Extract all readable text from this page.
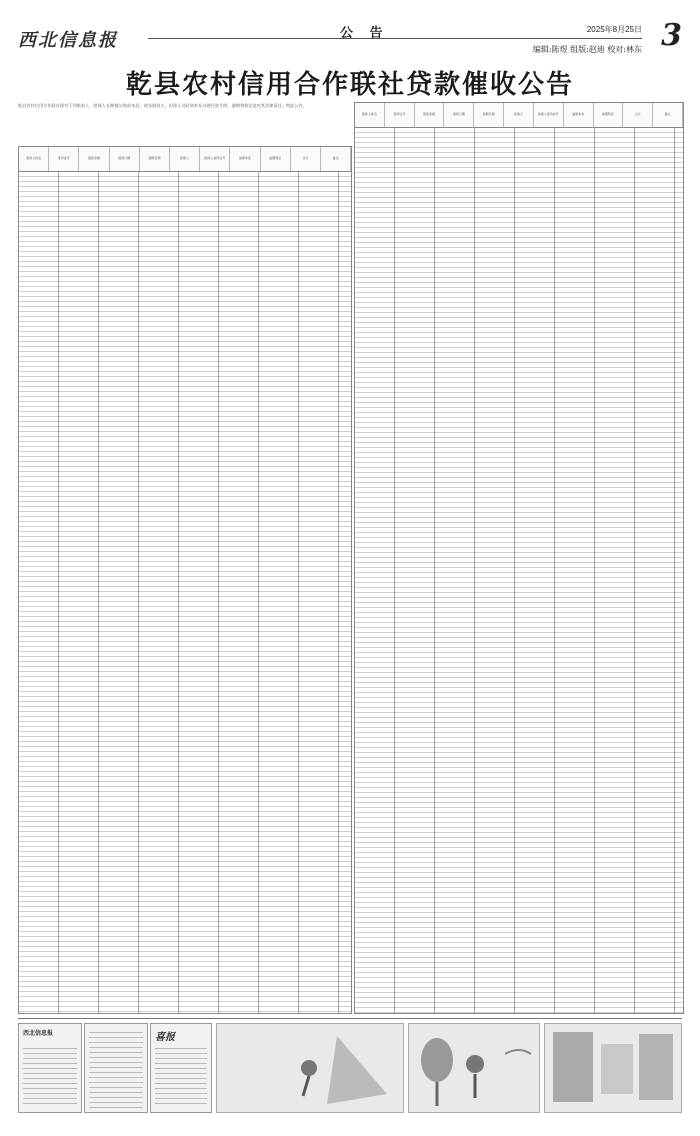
西北信息报	公 告	2025年8月25日 3
编辑:陈煜 组版:赵迪 校对:林东
乾县农村信用合作联社贷款催收公告
乾县农村信用合作联社现有下列借款人、担保人长期拖欠借款本息，请各借款人、担保人及时到本社办理还款手续，逾期将依法追究其法律责任。特此公告。
借款人姓名	身份证号	借款金额	借款日期	到期日期	担保人	担保人身份证号	逾期本金	逾期利息	合计	备注
借款人姓名	身份证号	借款金额	借款日期	到期日期	担保人	担保人身份证号	逾期本金	逾期利息	合计	备注
西北信息报	喜报
